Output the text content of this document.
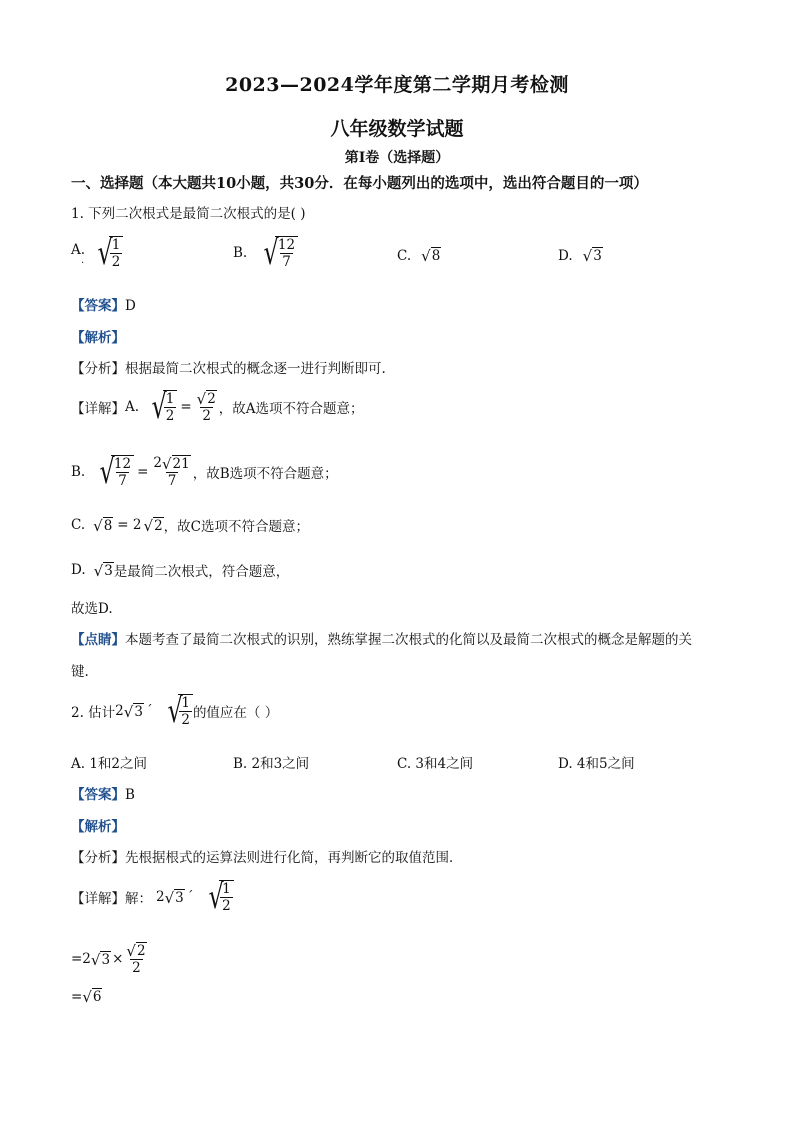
2023—2024学年度第二学期月考检测
八年级数学试题
第Ⅰ卷（选择题）
一、选择题（本大题共10小题，共30分．在每小题列出的选项中，选出符合题目的一项）
1. 下列二次根式是最简二次根式的是( )
A.
. √
$\frac{1}{2}$	B. √
$\frac{12}{7}$	C. √ 8	D. √ 3
【答案】D
【解析】
【分析】根据最简二次根式的概念逐一进行判断即可.
【详解】 A. √
$\frac{1}{2} = \frac{√ 2}{2}$ ，故A选项不符合题意；
B. √
$\frac{12}{7} = \frac{2 √ 21}{7}$ ，故B选项不符合题意；
C. √ 8 = 2 √ 2 ，故C选项不符合题意；
D. √ 3 是最简二次根式，符合题意，
故选D.
【点睛】本题考查了最简二次根式的识别，熟练掌握二次根式的化简以及最简二次根式的概念是解题的关
键.
2. 估计 2 √ 3 ´ √
$\frac{1}{2}$ 的值应在（ ）
A. 1和2之间	B. 2和3之间	C. 3和4之间	D. 4和5之间
【答案】B
【解析】
【分析】先根据根式的运算法则进行化简，再判断它的取值范围．
【详解】 解： 2 √ 3 ´ √
$\frac{1}{2}$
=2 √ $3 \times \frac{√ 2}{2}$
= √ 6
